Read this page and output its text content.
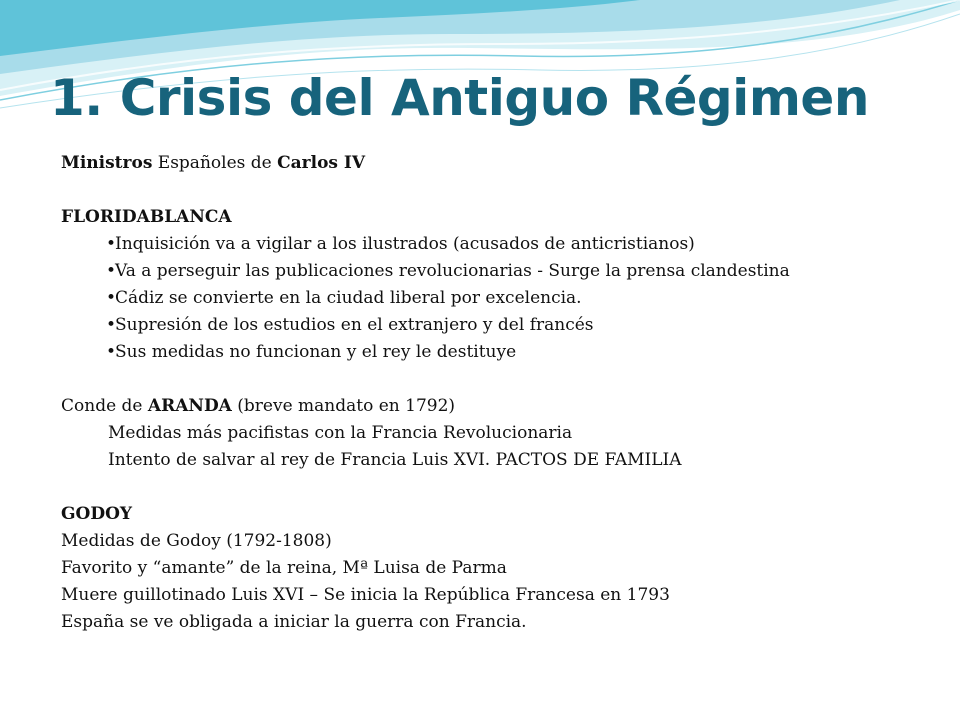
1. Crisis del Antiguo Régimen
Ministros Españoles de Carlos IV
FLORIDABLANCA
•Inquisición va a vigilar a los ilustrados (acusados de anticristianos)
•Va a perseguir las publicaciones revolucionarias - Surge la prensa clandestina
•Cádiz se convierte en la ciudad liberal por excelencia.
•Supresión de los estudios en el extranjero y del francés
•Sus medidas no funcionan y el rey le destituye
Conde de ARANDA (breve mandato en 1792)
Medidas más pacifistas con la Francia Revolucionaria
Intento de salvar al rey de Francia Luis XVI. PACTOS DE FAMILIA
GODOY
Medidas de Godoy (1792-1808)
Favorito y “amante” de la reina, Mª Luisa de Parma
Muere guillotinado Luis XVI – Se inicia la República Francesa en 1793
España se ve obligada a iniciar la guerra con Francia.
